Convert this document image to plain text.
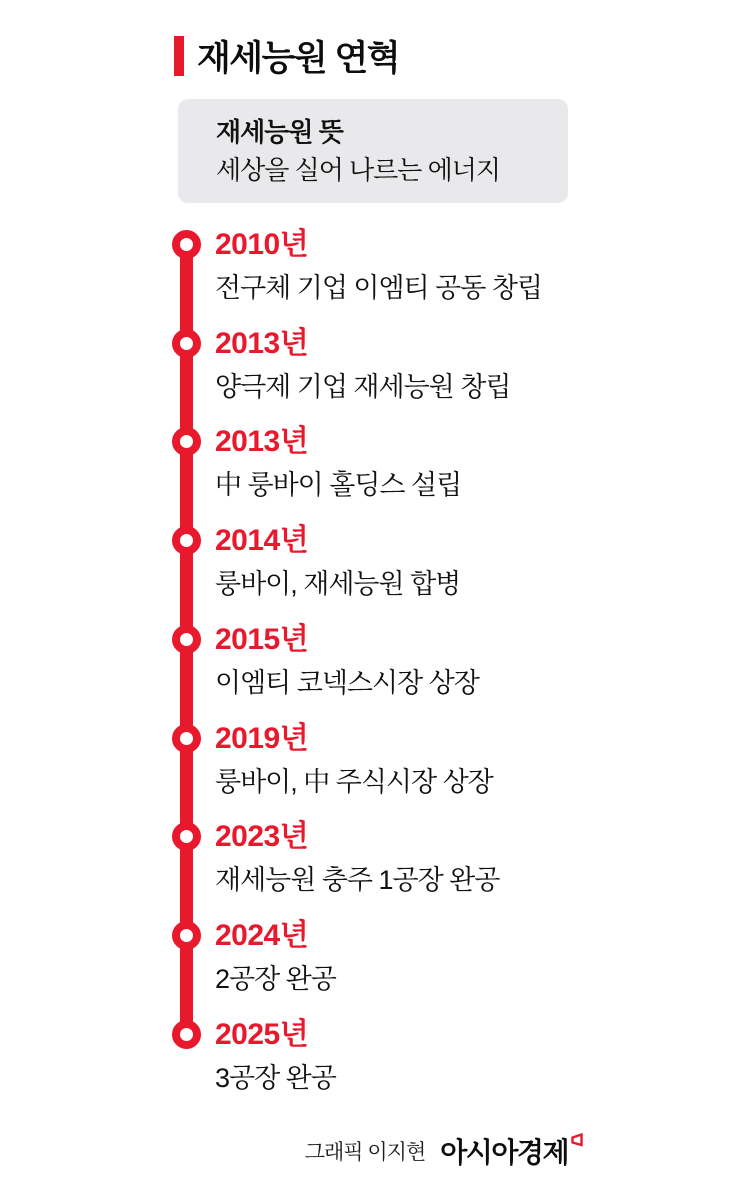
재세능원 연혁
재세능원 뜻
세상을 실어 나르는 에너지
2010년
전구체 기업 이엠티 공동 창립
2013년
양극제 기업 재세능원 창립
2013년
中 룽바이 홀딩스 설립
2014년
룽바이, 재세능원 합병
2015년
이엠티 코넥스시장 상장
2019년
룽바이, 中 주식시장 상장
2023년
재세능원 충주 1공장 완공
2024년
2공장 완공
2025년
3공장 완공
그래픽 이지현 아시아경제
